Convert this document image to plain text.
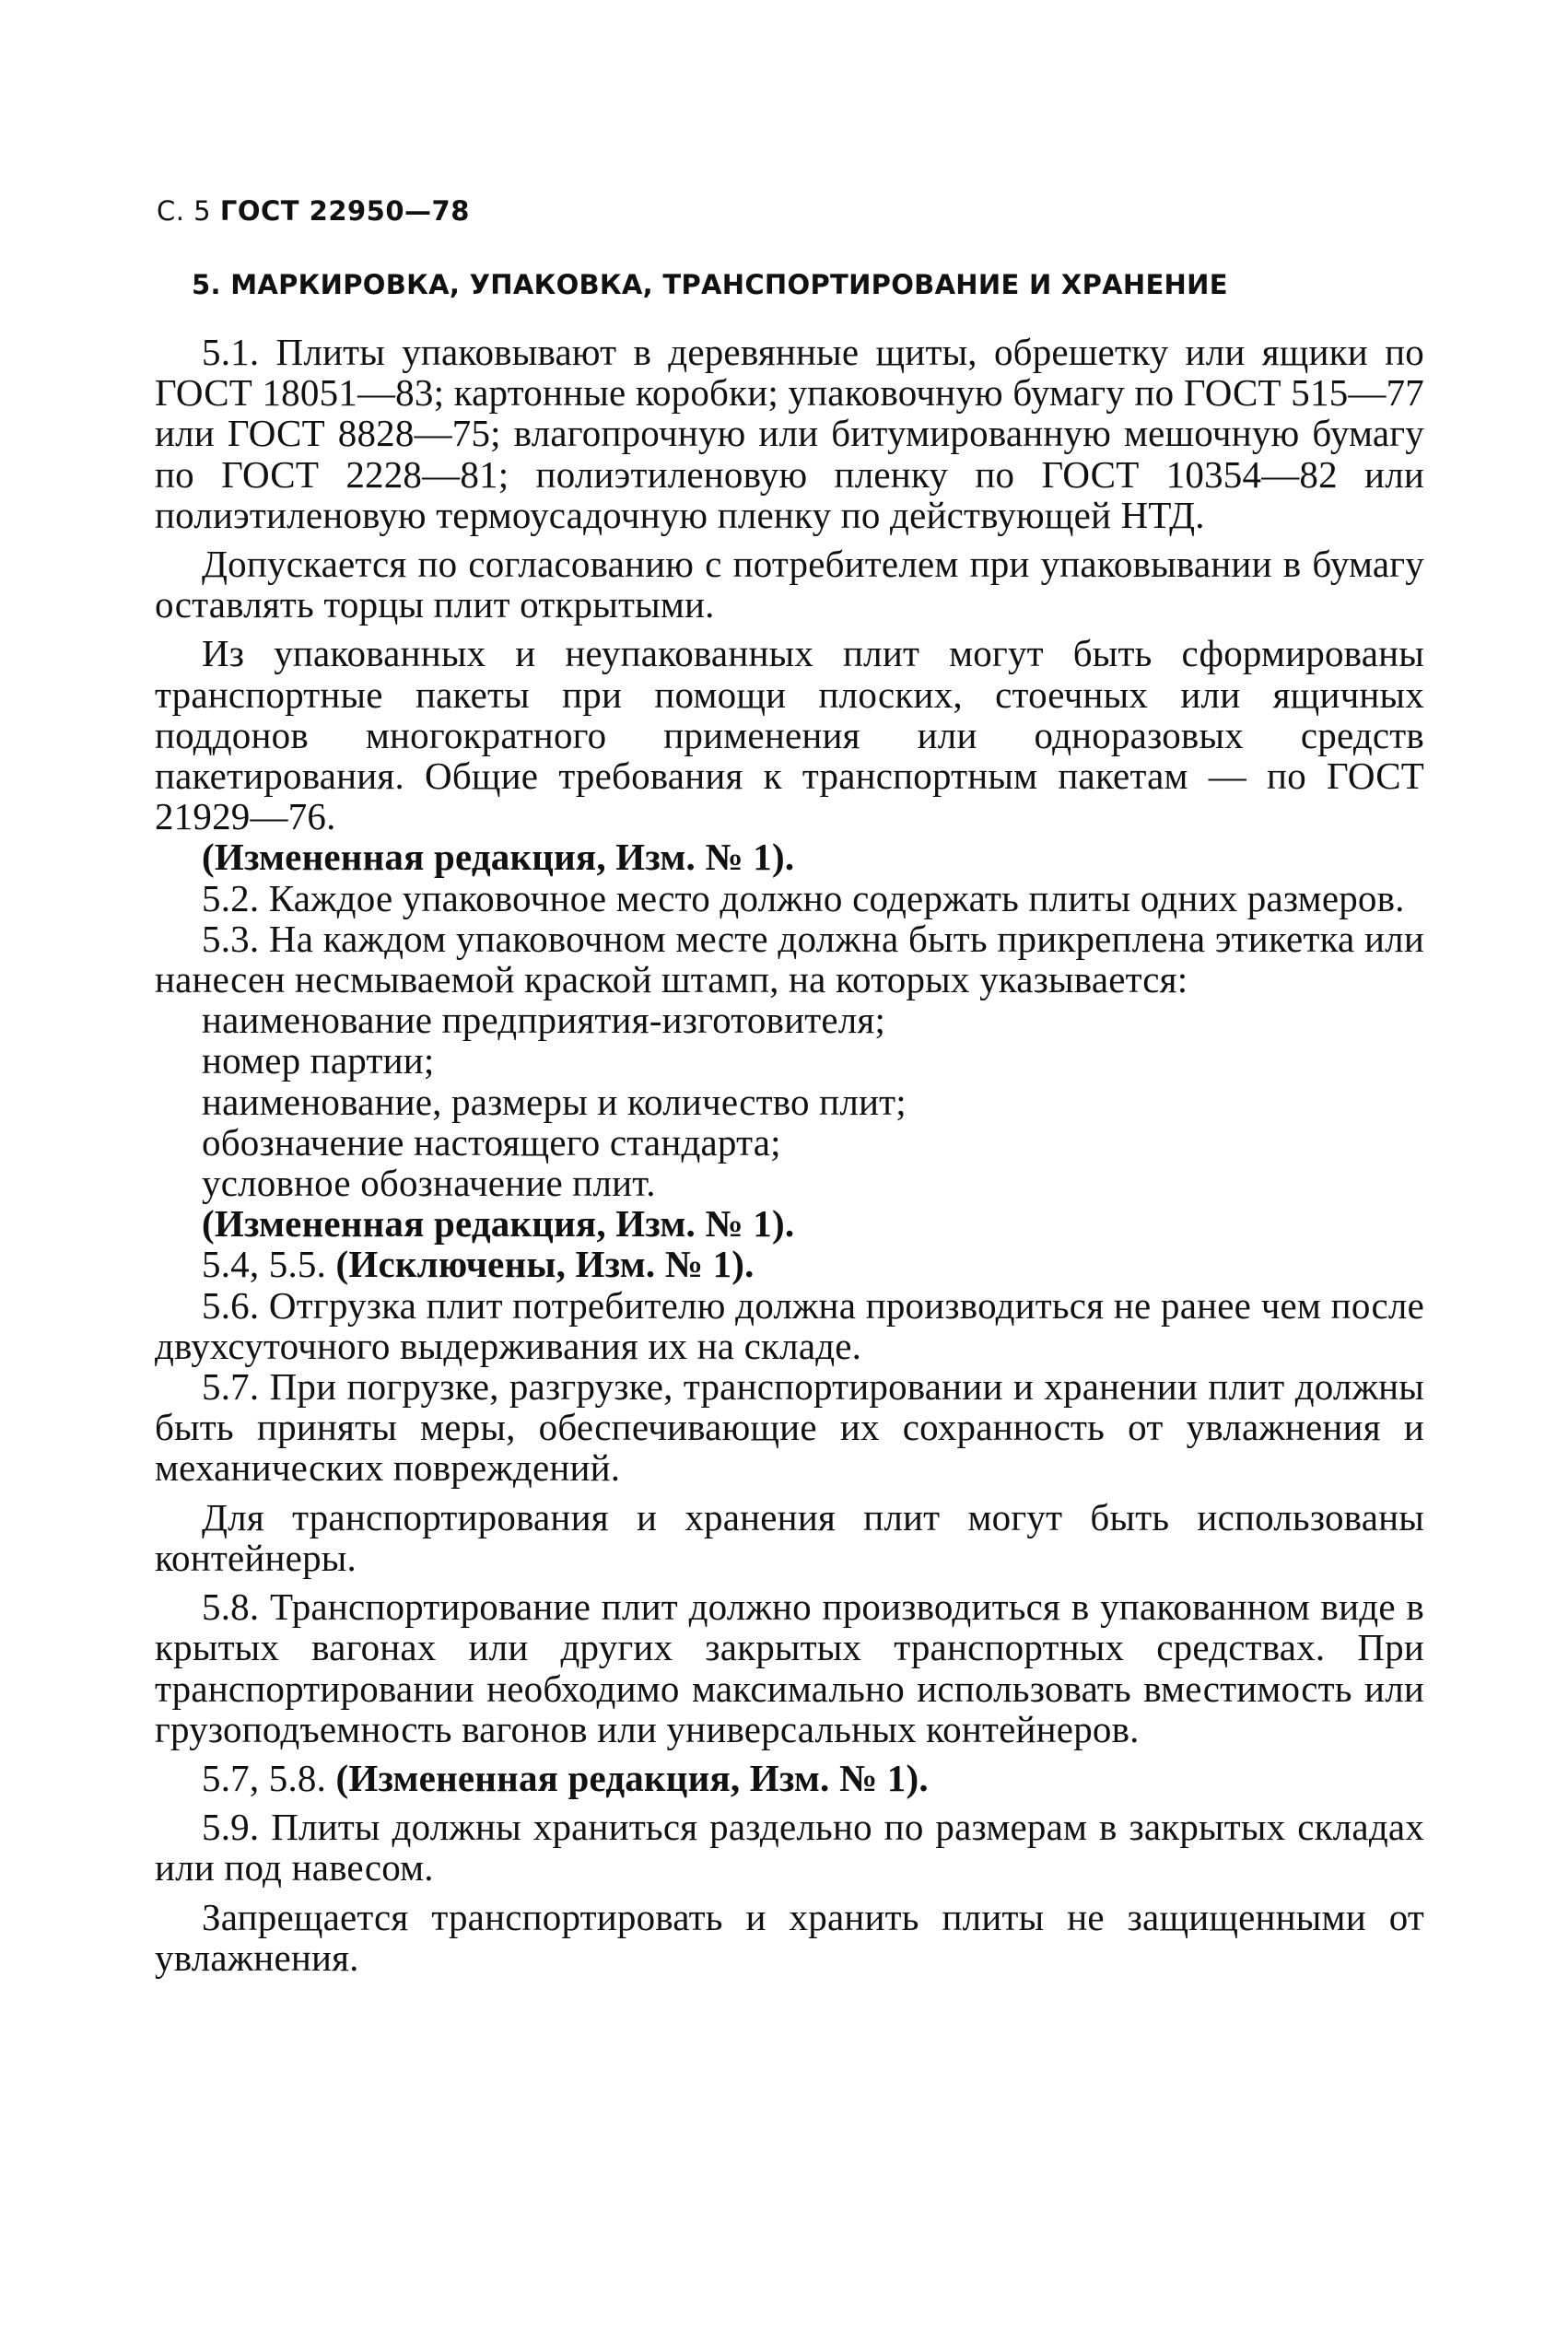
С. 5 ГОСТ 22950—78
5. МАРКИРОВКА, УПАКОВКА, ТРАНСПОРТИРОВАНИЕ И ХРАНЕНИЕ

5.1. Плиты упаковывают в деревянные щиты, обрешетку или ящики по ГОСТ 18051—83; картонные коробки; упаковочную бумагу по ГОСТ 515—77 или ГОСТ 8828—75; влагопрочную или битумированную мешочную бумагу по ГОСТ 2228—81; полиэтиленовую пленку по ГОСТ 10354—82 или полиэтиленовую термоусадочную пленку по действующей НТД.

Допускается по согласованию с потребителем при упаковывании в бумагу оставлять торцы плит открытыми.

Из упакованных и неупакованных плит могут быть сформированы транспортные пакеты при помощи плоских, стоечных или ящичных поддонов многократного применения или одноразовых средств пакетирования. Общие требования к транспортным пакетам — по ГОСТ 21929—76.

(Измененная редакция, Изм. № 1).

5.2. Каждое упаковочное место должно содержать плиты одних размеров.

5.3. На каждом упаковочном месте должна быть прикреплена этикетка или нанесен несмываемой краской штамп, на которых указывается:

наименование предприятия-изготовителя;

номер партии;

наименование, размеры и количество плит;

обозначение настоящего стандарта;

условное обозначение плит.

(Измененная редакция, Изм. № 1).

5.4, 5.5. (Исключены, Изм. № 1).

5.6. Отгрузка плит потребителю должна производиться не ранее чем после двухсуточного выдерживания их на складе.

5.7. При погрузке, разгрузке, транспортировании и хранении плит должны быть приняты меры, обеспечивающие их сохранность от увлажнения и механических повреждений.

Для транспортирования и хранения плит могут быть использованы контейнеры.

5.8. Транспортирование плит должно производиться в упакованном виде в крытых вагонах или других закрытых транспортных средствах. При транспортировании необходимо максимально использовать вместимость или грузоподъемность вагонов или универсальных контейнеров.

5.7, 5.8. (Измененная редакция, Изм. № 1).

5.9. Плиты должны храниться раздельно по размерам в закрытых складах или под навесом.

Запрещается транспортировать и хранить плиты не защищенными от увлажнения.
